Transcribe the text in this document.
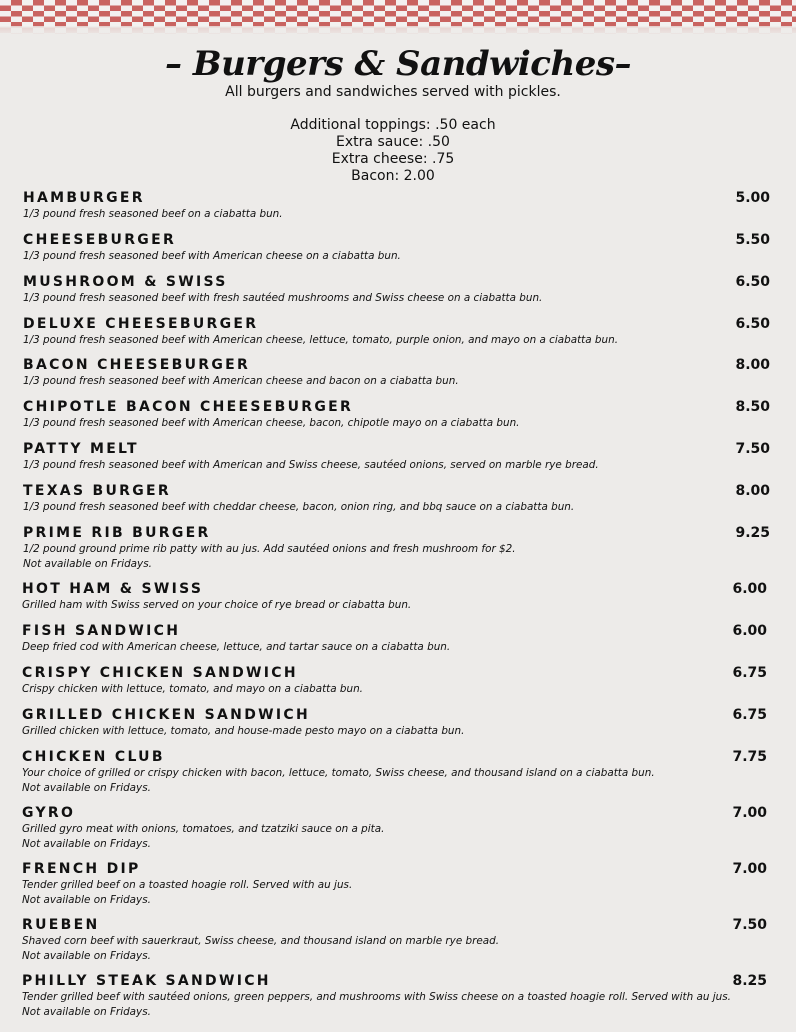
– Burgers & Sandwiches–
All burgers and sandwiches served with pickles.
Additional toppings: .50 each
Extra sauce: .50
Extra cheese: .75
Bacon: 2.00
HAMBURGER	5.00
1/3 pound fresh seasoned beef on a ciabatta bun.
CHEESEBURGER	5.50
1/3 pound fresh seasoned beef with American cheese on a ciabatta bun.
MUSHROOM & SWISS	6.50
1/3 pound fresh seasoned beef with fresh sautéed mushrooms and Swiss cheese on a ciabatta bun.
DELUXE CHEESEBURGER	6.50
1/3 pound fresh seasoned beef with American cheese, lettuce, tomato, purple onion, and mayo on a ciabatta bun.
BACON CHEESEBURGER	8.00
1/3 pound fresh seasoned beef with American cheese and bacon on a ciabatta bun.
CHIPOTLE BACON CHEESEBURGER	8.50
1/3 pound fresh seasoned beef with American cheese, bacon, chipotle mayo on a ciabatta bun.
PATTY MELT	7.50
1/3 pound fresh seasoned beef with American and Swiss cheese, sautéed onions, served on marble rye bread.
TEXAS BURGER	8.00
1/3 pound fresh seasoned beef with cheddar cheese, bacon, onion ring, and bbq sauce on a ciabatta bun.
PRIME RIB BURGER	9.25
1/2 pound ground prime rib patty with au jus. Add sautéed onions and fresh mushroom for $2.
Not available on Fridays.
HOT HAM & SWISS	6.00
Grilled ham with Swiss served on your choice of rye bread or ciabatta bun.
FISH SANDWICH	6.00
Deep fried cod with American cheese, lettuce, and tartar sauce on a ciabatta bun.
CRISPY CHICKEN SANDWICH	6.75
Crispy chicken with lettuce, tomato, and mayo on a ciabatta bun.
GRILLED CHICKEN SANDWICH	6.75
Grilled chicken with lettuce, tomato, and house-made pesto mayo on a ciabatta bun.
CHICKEN CLUB	7.75
Your choice of grilled or crispy chicken with bacon, lettuce, tomato, Swiss cheese, and thousand island on a ciabatta bun.
Not available on Fridays.
GYRO	7.00
Grilled gyro meat with onions, tomatoes, and tzatziki sauce on a pita.
Not available on Fridays.
FRENCH DIP	7.00
Tender grilled beef on a toasted hoagie roll. Served with au jus.
Not available on Fridays.
RUEBEN	7.50
Shaved corn beef with sauerkraut, Swiss cheese, and thousand island on marble rye bread.
Not available on Fridays.
PHILLY STEAK SANDWICH	8.25
Tender grilled beef with sautéed onions, green peppers, and mushrooms with Swiss cheese on a toasted hoagie roll. Served with au jus.
Not available on Fridays.
